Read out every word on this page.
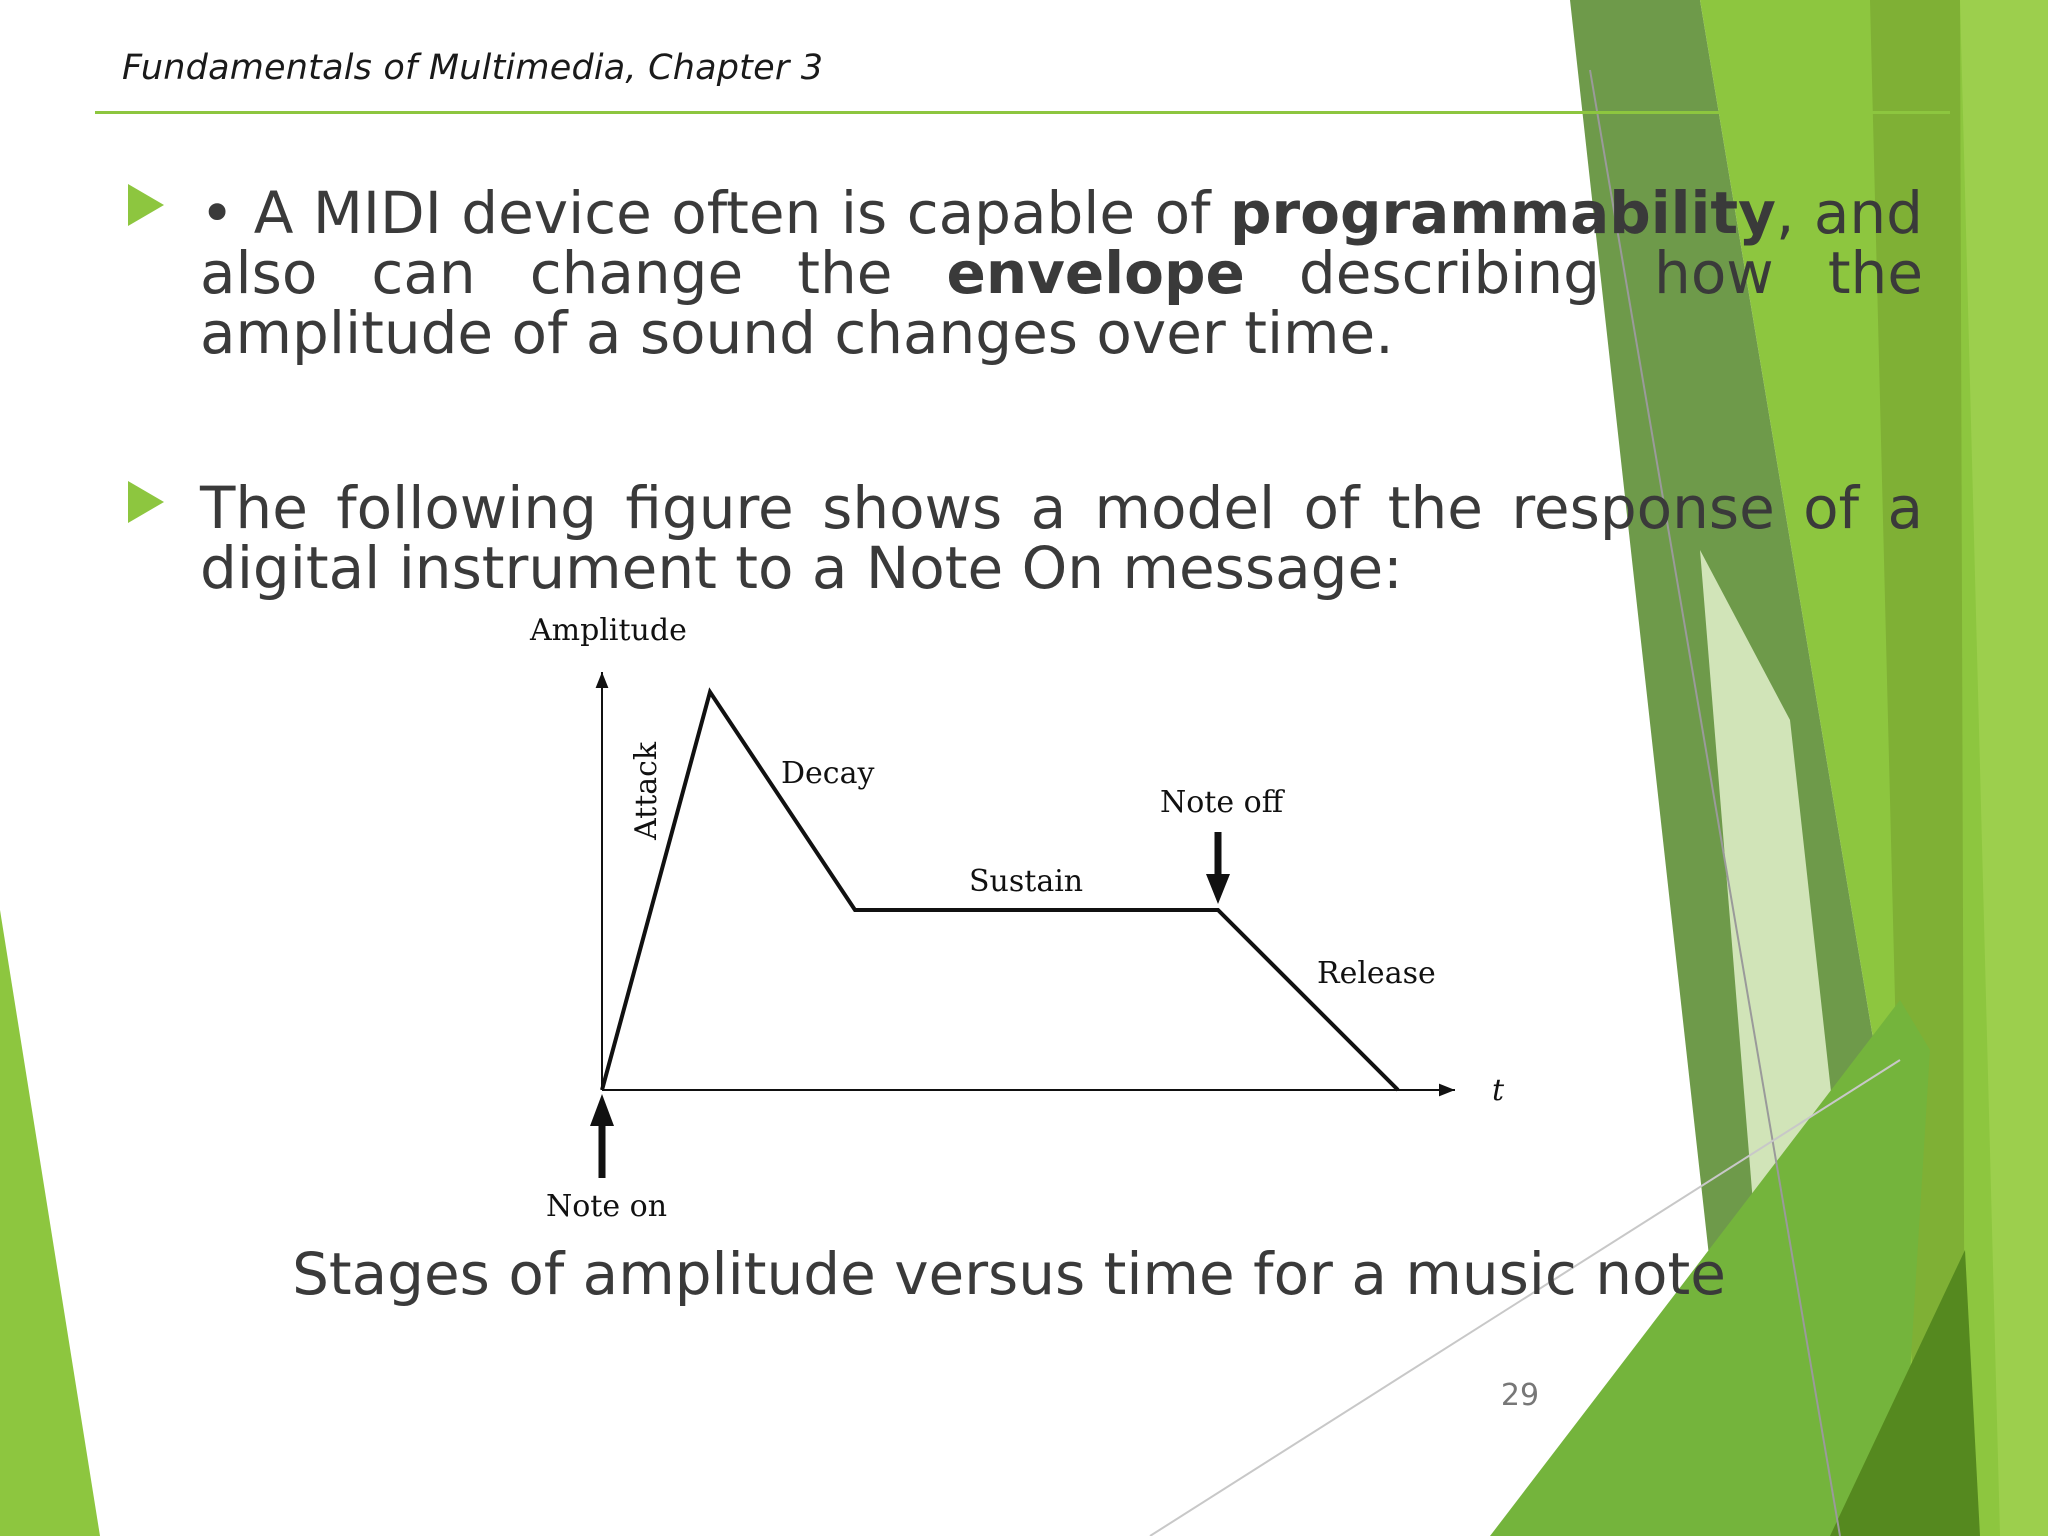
Fundamentals of Multimedia, Chapter 3
• A MIDI device often is capable of programmability, and also can change the envelope describing how the amplitude of a sound changes over time.
The following figure shows a model of the response of a digital instrument to a Note On message:
Amplitude
Attack	Decay
Sustain
Note off
Release
t
Note on
Stages of amplitude versus time for a music note
29
